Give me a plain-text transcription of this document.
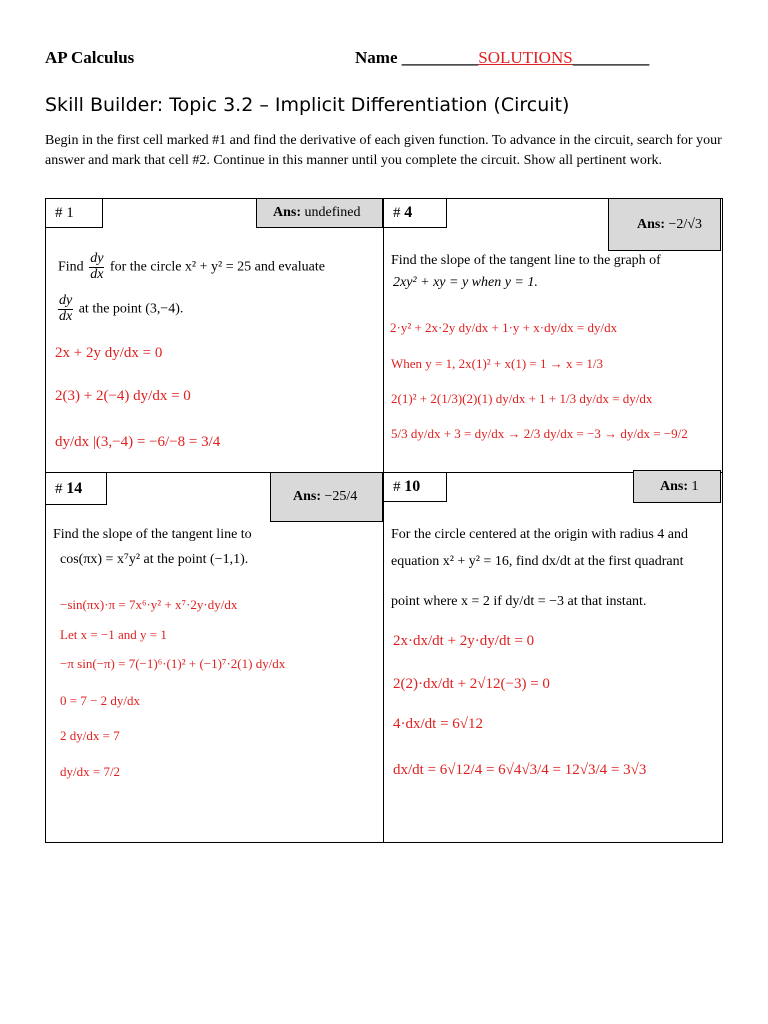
AP Calculus	Name _________SOLUTIONS_________
Skill Builder: Topic 3.2 – Implicit Differentiation (Circuit)
Begin in the first cell marked #1 and find the derivative of each given function. To advance in the circuit, search for your answer and mark that cell #2. Continue in this manner until you complete the circuit. Show all pertinent work.
# 1	Ans: undefined
Find $\frac{dy}{dx}$ for the circle x² + y² = 25 and evaluate
$\frac{dy}{dx}$ at the point (3,−4).
2x + 2y dy/dx = 0
2(3) + 2(−4) dy/dx = 0
dy/dx |(3,−4) = −6/−8 = 3/4
# 4
Ans: −2/√3
Find the slope of the tangent line to the graph of
2xy² + xy = y when y = 1.
2·y² + 2x·2y dy/dx + 1·y + x·dy/dx = dy/dx
When y = 1, 2x(1)² + x(1) = 1 → x = 1/3
2(1)² + 2(1/3)(2)(1) dy/dx + 1 + 1/3 dy/dx = dy/dx
5/3 dy/dx + 3 = dy/dx → 2/3 dy/dx = −3 → dy/dx = −9/2
# 14	Ans: −25/4
Find the slope of the tangent line to
cos(πx) = x⁷y² at the point (−1,1).
−sin(πx)·π = 7x⁶·y² + x⁷·2y·dy/dx
Let x = −1 and y = 1
−π sin(−π) = 7(−1)⁶·(1)² + (−1)⁷·2(1) dy/dx
0 = 7 − 2 dy/dx
2 dy/dx = 7
dy/dx = 7/2
# 10	Ans: 1
For the circle centered at the origin with radius 4 and
equation x² + y² = 16, find dx/dt at the first quadrant
point where x = 2 if dy/dt = −3 at that instant.
2x·dx/dt + 2y·dy/dt = 0
2(2)·dx/dt + 2√12(−3) = 0
4·dx/dt = 6√12
dx/dt = 6√12/4 = 6√4√3/4 = 12√3/4 = 3√3
